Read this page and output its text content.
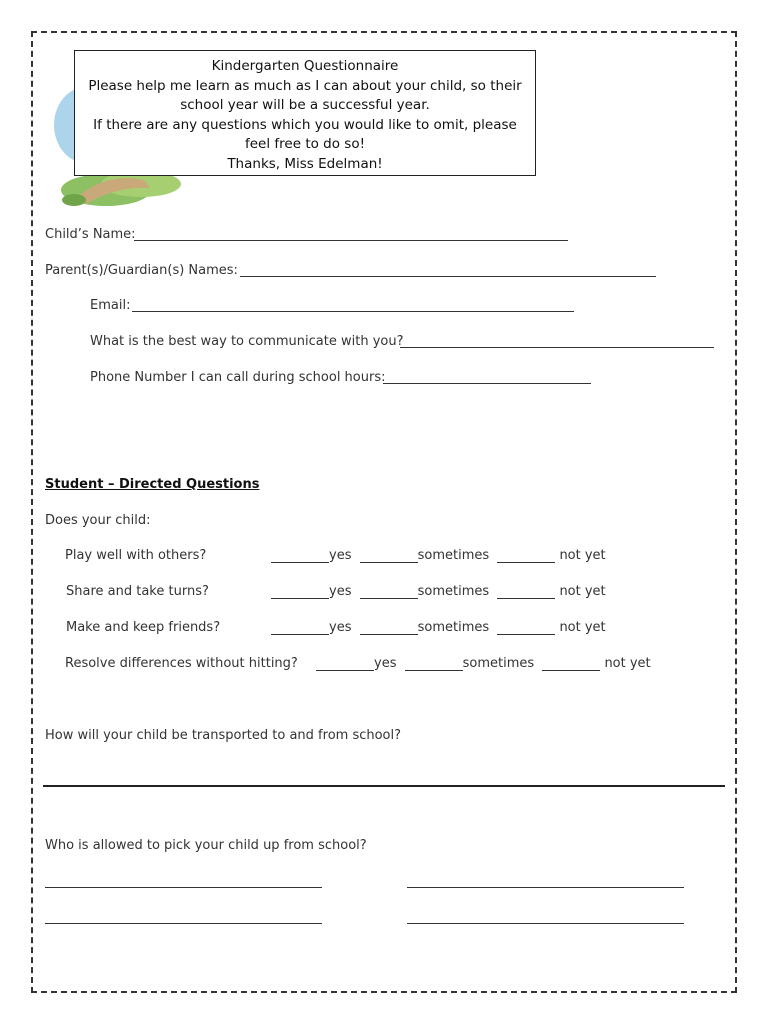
Kindergarten Questionnaire
Please help me learn as much as I can about your child, so their
school year will be a successful year.
If there are any questions which you would like to omit, please
feel free to do so!
Thanks, Miss Edelman!
Child’s Name:
Parent(s)/Guardian(s) Names:
Email:
What is the best way to communicate with you?
Phone Number I can call during school hours:
Student – Directed Questions
Does your child:
Play well with others?	yes	sometimes	not yet
Share and take turns?	yes	sometimes	not yet
Make and keep friends?	yes	sometimes	not yet
Resolve differences without hitting?	yes	sometimes	not yet
How will your child be transported to and from school?
Who is allowed to pick your child up from school?
